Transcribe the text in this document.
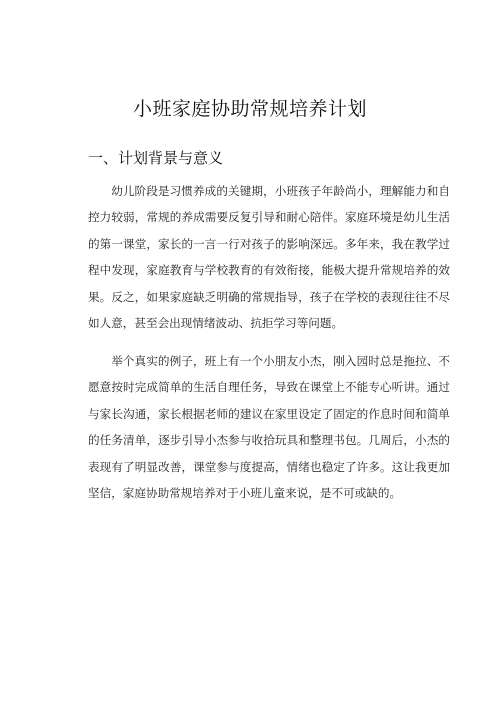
小班家庭协助常规培养计划
一、计划背景与意义

幼儿阶段是习惯养成的关键期，小班孩子年龄尚小，理解能力和自控力较弱，常规的养成需要反复引导和耐心陪伴。家庭环境是幼儿生活的第一课堂，家长的一言一行对孩子的影响深远。多年来，我在教学过程中发现，家庭教育与学校教育的有效衔接，能极大提升常规培养的效果。反之，如果家庭缺乏明确的常规指导，孩子在学校的表现往往不尽如人意，甚至会出现情绪波动、抗拒学习等问题。

举个真实的例子，班上有一个小朋友小杰，刚入园时总是拖拉、不愿意按时完成简单的生活自理任务，导致在课堂上不能专心听讲。通过与家长沟通，家长根据老师的建议在家里设定了固定的作息时间和简单的任务清单，逐步引导小杰参与收拾玩具和整理书包。几周后，小杰的表现有了明显改善，课堂参与度提高，情绪也稳定了许多。这让我更加坚信，家庭协助常规培养对于小班儿童来说，是不可或缺的。
